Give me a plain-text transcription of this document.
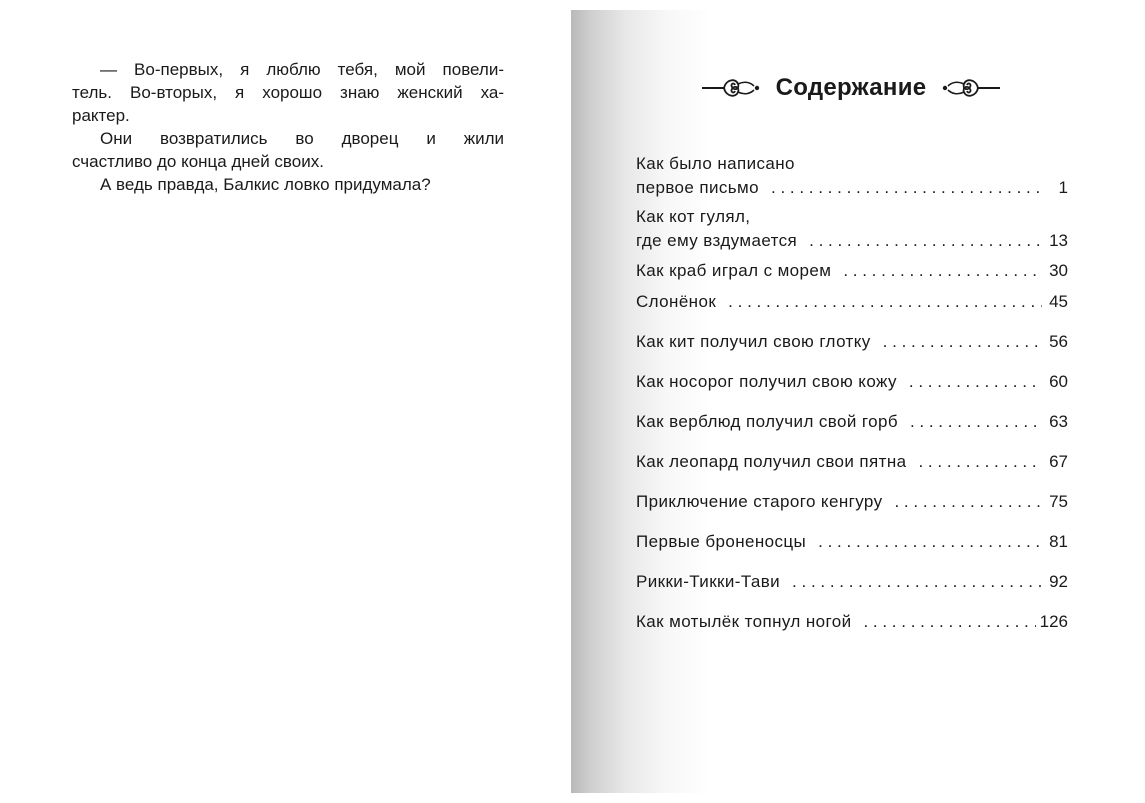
— Во-первых, я люблю тебя, мой повели-
тель. Во-вторых, я хорошо знаю женский ха-
рактер.
Они возвратились во дворец и жили
счастливо до конца дней своих.
А ведь правда, Балкис ловко придумала?
Содержание
Как было написано
первое письмо . . .	1
Как кот гулял,
где ему вздумается . . .	13
Как краб играл с морем . . .	30
Слонёнок . . .	45
Как кит получил свою глотку . . .	56
Как носорог получил свою кожу . . .	60
Как верблюд получил свой горб . . .	63
Как леопард получил свои пятна . . .	67
Приключение старого кенгуру . . .	75
Первые броненосцы . . .	81
Рикки-Тикки-Тави . . .	92
Как мотылёк топнул ногой . . .	126
